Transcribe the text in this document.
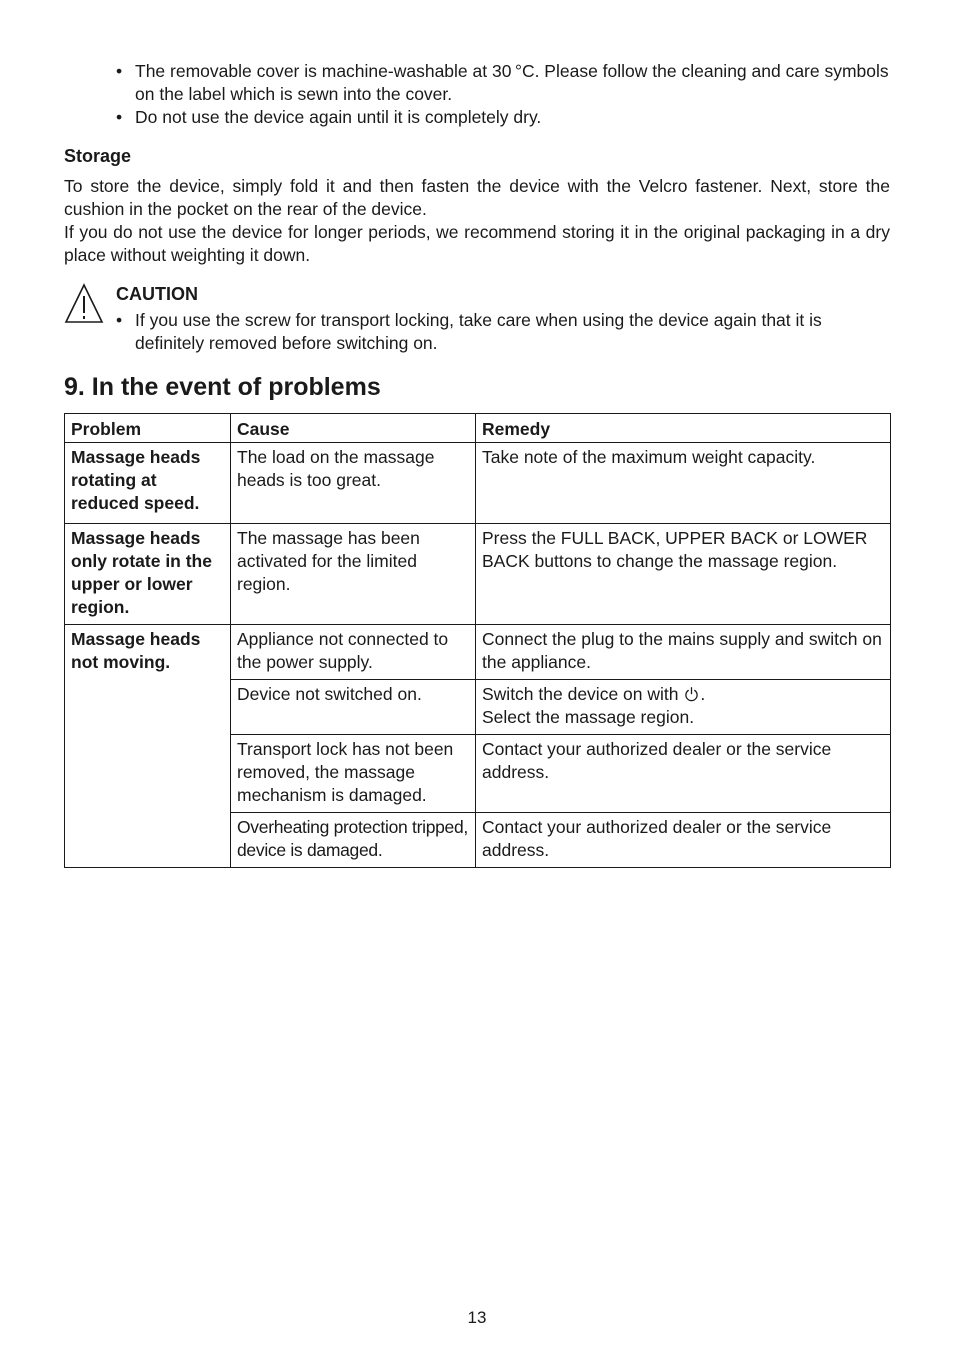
• The removable cover is machine-washable at 30 °C. Please follow the cleaning and care symbols on the label which is sewn into the cover.
• Do not use the device again until it is completely dry.
Storage

To store the device, simply fold it and then fasten the device with the Velcro fastener. Next, store the cushion in the pocket on the rear of the device.

If you do not use the device for longer periods, we recommend storing it in the original packaging in a dry place without weighting it down.

CAUTION
• If you use the screw for transport locking, take care when using the device again that it is definitely removed before switching on.
9. In the event of problems
Problem	Cause	Remedy
Massage heads rotating at reduced speed.	The load on the massage heads is too great.	Take note of the maximum weight capacity.
Massage heads only rotate in the upper or lower region.	The massage has been activated for the limited region.	Press the FULL BACK, UPPER BACK or LOWER BACK buttons to change the massage region.
Massage heads not moving.	Appliance not connected to the power supply.	Connect the plug to the mains supply and switch on the appliance.
	Device not switched on.	Switch the device on with .
Select the massage region.

	Transport lock has not been removed, the massage mechanism is damaged.	Contact your authorized dealer or the service address.
	Overheating protection tripped, device is damaged.	Contact your authorized dealer or the service address.
13
